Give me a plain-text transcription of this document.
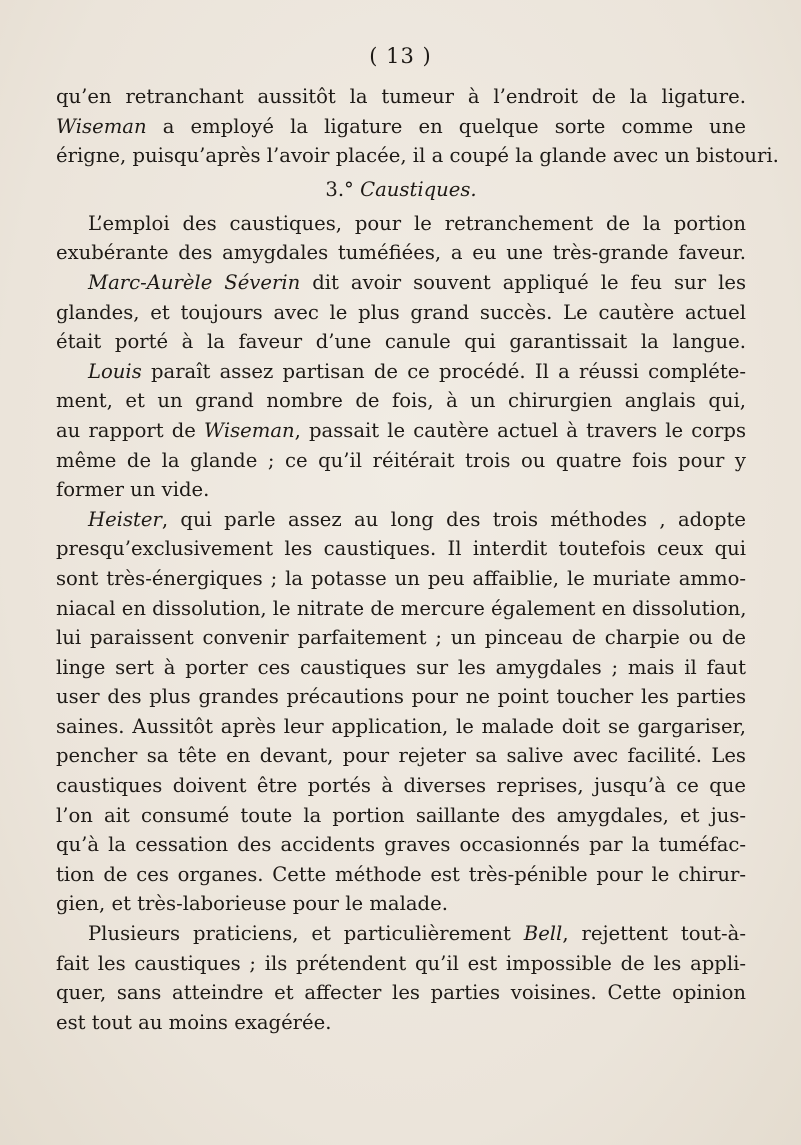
( 13 )
qu’en retranchant aussitôt la tumeur à l’endroit de la ligature.
Wiseman a employé la ligature en quelque sorte comme une
érigne, puisqu’après l’avoir placée, il a coupé la glande avec un bistouri.
3.° Caustiques.
L’emploi des caustiques, pour le retranchement de la portion
exubérante des amygdales tuméfiées, a eu une très-grande faveur.
Marc-Aurèle Séverin dit avoir souvent appliqué le feu sur les
glandes, et toujours avec le plus grand succès. Le cautère actuel
était porté à la faveur d’une canule qui garantissait la langue.
Louis paraît assez partisan de ce procédé. Il a réussi compléte-
ment, et un grand nombre de fois, à un chirurgien anglais qui,
au rapport de Wiseman, passait le cautère actuel à travers le corps
même de la glande ; ce qu’il réitérait trois ou quatre fois pour y
former un vide.
Heister, qui parle assez au long des trois méthodes , adopte
presqu’exclusivement les caustiques. Il interdit toutefois ceux qui
sont très-énergiques ; la potasse un peu affaiblie, le muriate ammo-
niacal en dissolution, le nitrate de mercure également en dissolution,
lui paraissent convenir parfaitement ; un pinceau de charpie ou de
linge sert à porter ces caustiques sur les amygdales ; mais il faut
user des plus grandes précautions pour ne point toucher les parties
saines. Aussitôt après leur application, le malade doit se gargariser,
pencher sa tête en devant, pour rejeter sa salive avec facilité. Les
caustiques doivent être portés à diverses reprises, jusqu’à ce que
l’on ait consumé toute la portion saillante des amygdales, et jus-
qu’à la cessation des accidents graves occasionnés par la tuméfac-
tion de ces organes. Cette méthode est très-pénible pour le chirur-
gien, et très-laborieuse pour le malade.
Plusieurs praticiens, et particulièrement Bell, rejettent tout-à-
fait les caustiques ; ils prétendent qu’il est impossible de les appli-
quer, sans atteindre et affecter les parties voisines. Cette opinion
est tout au moins exagérée.
